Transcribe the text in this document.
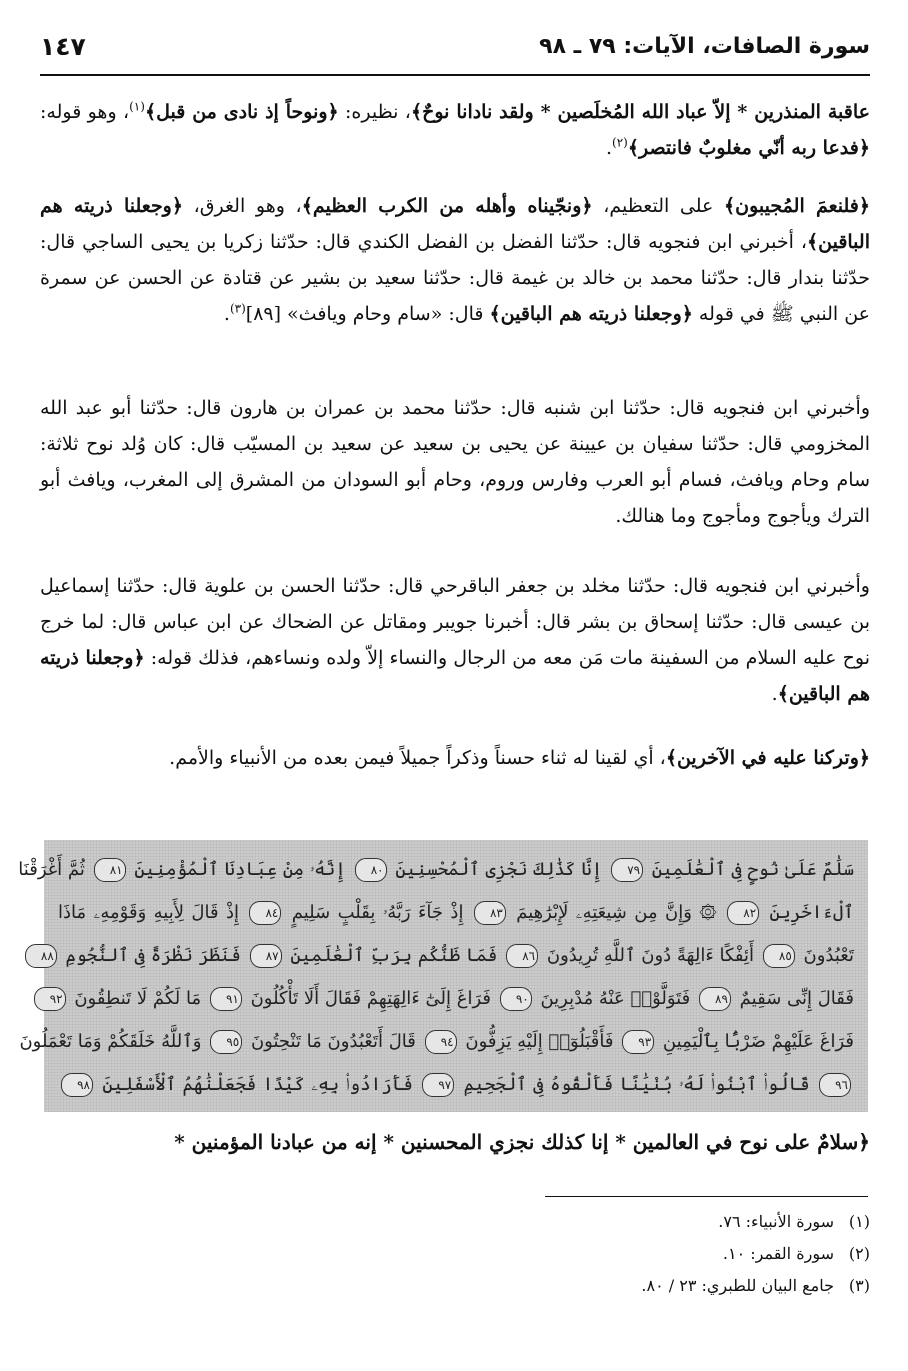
سورة الصافات، الآيات: ٧٩ ـ ٩٨
١٤٧
عاقبة المنذرين * إلاّ عباد الله المُخلَصين * ولقد نادانا نوحٌ﴾، نظيره: ﴿ونوحاً إذ نادى من قبل﴾$^{(١)}$، وهو قوله: ﴿فدعا ربه أنّي مغلوبٌ فانتصر﴾$^{(٢)}$.
﴿فلنعمَ المُجيبون﴾ على التعظيم، ﴿ونجّيناه وأهله من الكرب العظيم﴾، وهو الغرق، ﴿وجعلنا ذريته هم الباقين﴾، أخبرني ابن فنجويه قال: حدّثنا الفضل بن الفضل الكندي قال: حدّثنا زكريا بن يحيى الساجي قال: حدّثنا بندار قال: حدّثنا محمد بن خالد بن غيمة قال: حدّثنا سعيد بن بشير عن قتادة عن الحسن عن سمرة عن النبي ﷺ في قوله ﴿وجعلنا ذريته هم الباقين﴾ قال: «سام وحام ويافث» [٨٩]$^{(٣)}$.
وأخبرني ابن فنجويه قال: حدّثنا ابن شنبه قال: حدّثنا محمد بن عمران بن هارون قال: حدّثنا أبو عبد الله المخزومي قال: حدّثنا سفيان بن عيينة عن يحيى بن سعيد عن سعيد بن المسيّب قال: كان وُلد نوح ثلاثة: سام وحام ويافث، فسام أبو العرب وفارس وروم، وحام أبو السودان من المشرق إلى المغرب، ويافث أبو الترك ويأجوج ومأجوج وما هنالك.
وأخبرني ابن فنجويه قال: حدّثنا مخلد بن جعفر الباقرحي قال: حدّثنا الحسن بن علوية قال: حدّثنا إسماعيل بن عيسى قال: حدّثنا إسحاق بن بشر قال: أخبرنا جويبر ومقاتل عن الضحاك عن ابن عباس قال: لما خرج نوح عليه السلام من السفينة مات مَن معه من الرجال والنساء إلاّ ولده ونساءهم، فذلك قوله: ﴿وجعلنا ذريته هم الباقين﴾.
﴿وتركنا عليه في الآخرين﴾، أي لقينا له ثناء حسناً وذكراً جميلاً فيمن بعده من الأنبياء والأمم.
سَلَٰمٌ عَلَىٰ نُوحٍ فِى ٱلْعَٰلَمِينَ ٧٩ إِنَّا كَذَٰلِكَ نَجْزِى ٱلْمُحْسِنِينَ ٨٠ إِنَّهُۥ مِنْ عِبَادِنَا ٱلْمُؤْمِنِينَ ٨١ ثُمَّ أَغْرَقْنَا
ٱلْءَاخَرِينَ ٨٢ ۞ وَإِنَّ مِن شِيعَتِهِۦ لَإِبْرَٰهِيمَ ٨٣ إِذْ جَآءَ رَبَّهُۥ بِقَلْبٍ سَلِيمٍ ٨٤ إِذْ قَالَ لِأَبِيهِ وَقَوْمِهِۦ مَاذَا
تَعْبُدُونَ ٨٥ أَئِفْكًا ءَالِهَةً دُونَ ٱللَّهِ تُرِيدُونَ ٨٦ فَمَا ظَنُّكُم بِرَبِّ ٱلْعَٰلَمِينَ ٨٧ فَنَظَرَ نَظْرَةً فِى ٱلنُّجُومِ ٨٨
فَقَالَ إِنِّى سَقِيمٌ ٨٩ فَتَوَلَّوْا۟ عَنْهُ مُدْبِرِينَ ٩٠ فَرَاغَ إِلَىٰٓ ءَالِهَتِهِمْ فَقَالَ أَلَا تَأْكُلُونَ ٩١ مَا لَكُمْ لَا تَنطِقُونَ ٩٢
فَرَاغَ عَلَيْهِمْ ضَرْبًۢا بِٱلْيَمِينِ ٩٣ فَأَقْبَلُوٓا۟ إِلَيْهِ يَزِفُّونَ ٩٤ قَالَ أَتَعْبُدُونَ مَا تَنْحِتُونَ ٩٥ وَٱللَّهُ خَلَقَكُمْ وَمَا تَعْمَلُونَ
٩٦ قَالُوا۟ ٱبْنُوا۟ لَهُۥ بُنْيَٰنًا فَأَلْقُوهُ فِى ٱلْجَحِيمِ ٩٧ فَأَرَادُوا۟ بِهِۦ كَيْدًا فَجَعَلْنَٰهُمُ ٱلْأَسْفَلِينَ ٩٨
﴿سلامٌ على نوح في العالمين * إنا كذلك نجزي المحسنين * إنه من عبادنا المؤمنين *
(١)سورة الأنبياء: ٧٦.
(٢)سورة القمر: ١٠.
(٣)جامع البيان للطبري: ٢٣ / ٨٠.
